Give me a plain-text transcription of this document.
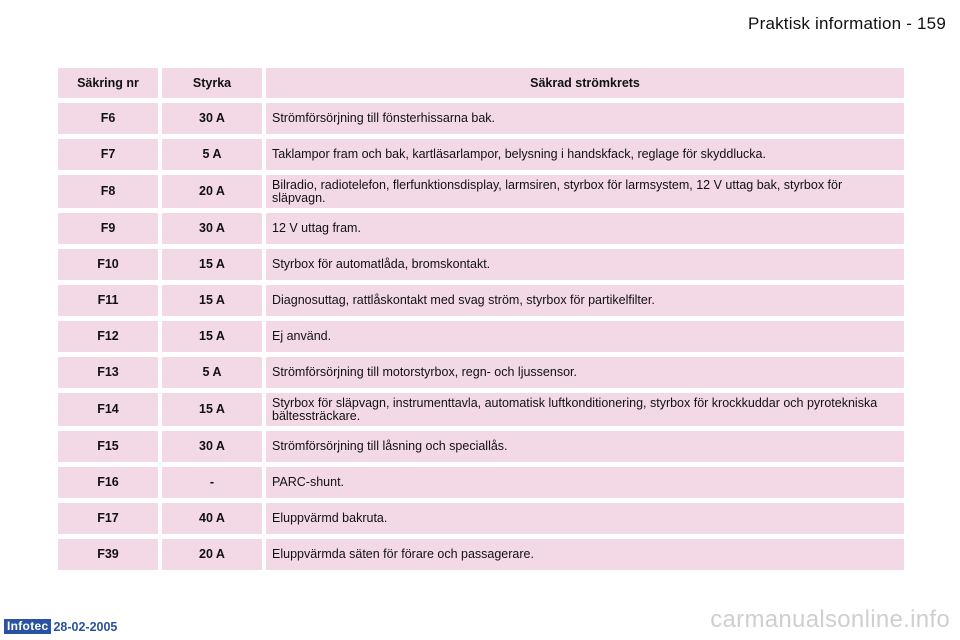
Praktisk information - 159
Säkring nr	Styrka	Säkrad strömkrets
F6	30 A	Strömförsörjning till fönsterhissarna bak.
F7	5 A	Taklampor fram och bak, kartläsarlampor, belysning i handskfack, reglage för skyddlucka.
F8	20 A	Bilradio, radiotelefon, flerfunktionsdisplay, larmsiren, styrbox för larmsystem, 12 V uttag bak, styrbox för släpvagn.
F9	30 A	12 V uttag fram.
F10	15 A	Styrbox för automatlåda, bromskontakt.
F11	15 A	Diagnosuttag, rattlåskontakt med svag ström, styrbox för partikelfilter.
F12	15 A	Ej använd.
F13	5 A	Strömförsörjning till motorstyrbox, regn- och ljussensor.
F14	15 A	Styrbox för släpvagn, instrumenttavla, automatisk luftkonditionering, styrbox för krockkuddar och pyrotekniska bältessträckare.
F15	30 A	Strömförsörjning till låsning och speciallås.
F16	-	PARC-shunt.
F17	40 A	Eluppvärmd bakruta.
F39	20 A	Eluppvärmda säten för förare och passagerare.
Infotec 28-02-2005	carmanualsonline.info
